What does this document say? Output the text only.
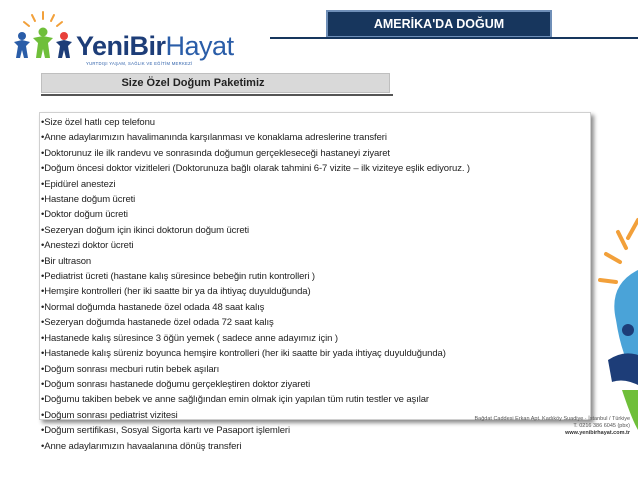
YeniBirHayat
YURTDIŞI YAŞAM, SAĞLIK VE EĞİTİM MERKEZİ
AMERİKA'DA DOĞUM
Size Özel Doğum Paketimiz
• Size özel hatlı cep telefonu
• Anne adaylarımızın havalimanında karşılanması ve konaklama adreslerine transferi
• Doktorunuz ile ilk randevu ve sonrasında doğumun gerçekleseceği hastaneyi ziyaret
• Doğum öncesi doktor vizitleleri (Doktorunuza bağlı olarak tahmini 6-7 vizite – ilk viziteye eşlik ediyoruz. )
• Epidürel anestezi
• Hastane doğum ücreti
• Doktor doğum ücreti
• Sezeryan doğum için ikinci doktorun doğum ücreti
• Anestezi doktor ücreti
• Bir ultrason
• Pediatrist ücreti (hastane kalış süresince bebeğin rutin kontrolleri )
• Hemşire kontrolleri (her iki saatte bir ya da ihtiyaç duyulduğunda)
• Normal doğumda hastanede özel odada 48 saat kalış
• Sezeryan doğumda hastanede özel odada 72 saat kalış
• Hastanede kalış süresince 3 öğün yemek ( sadece anne adayımız için )
• Hastanede kalış süreniz boyunca hemşire kontrolleri (her iki saatte bir yada ihtiyaç duyulduğunda)
• Doğum sonrası mecburi rutin bebek aşıları
• Doğum sonrası hastanede doğumu gerçekleştiren doktor ziyareti
• Doğumu takiben bebek ve anne sağlığından emin olmak için yapılan tüm rutin testler ve aşılar
• Doğum sonrası pediatrist vizitesi
• Doğum sertifikası, Sosyal Sigorta kartı ve Pasaport işlemleri
• Anne adaylarımızın havaalanına dönüş transferi
Bağdat Caddesi Erkan Apt. Kadıköy Suadiye · İstanbul / Türkiye
T. 0216 386 6045 (pbx)
www.yenibirhayat.com.tr
